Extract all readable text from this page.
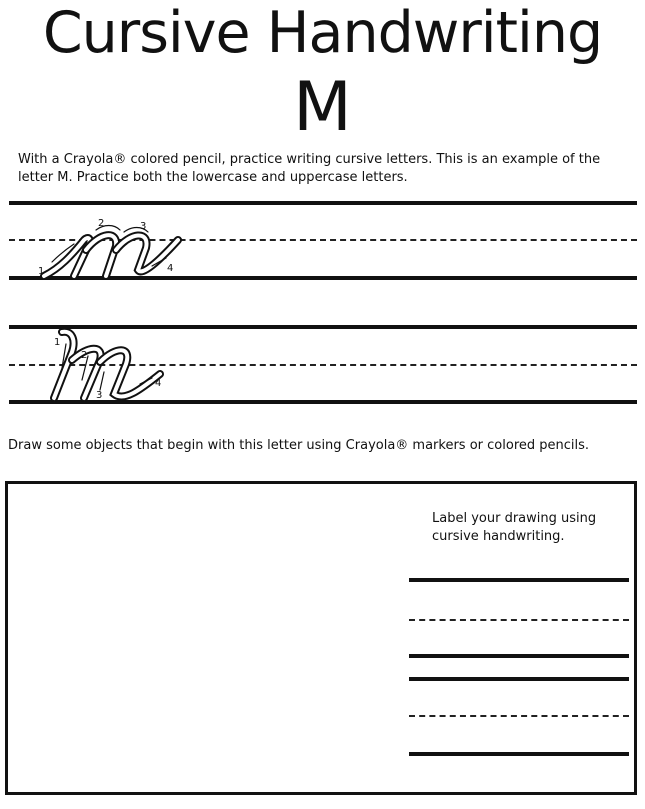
Cursive Handwriting
M
With a Crayola® colored pencil, practice writing cursive letters. This is an example of the letter M. Practice both the lowercase and uppercase letters.
1
2	3
4
1
2
3
4
Draw some objects that begin with this letter using Crayola® markers or colored pencils.
Label your drawing using cursive handwriting.
